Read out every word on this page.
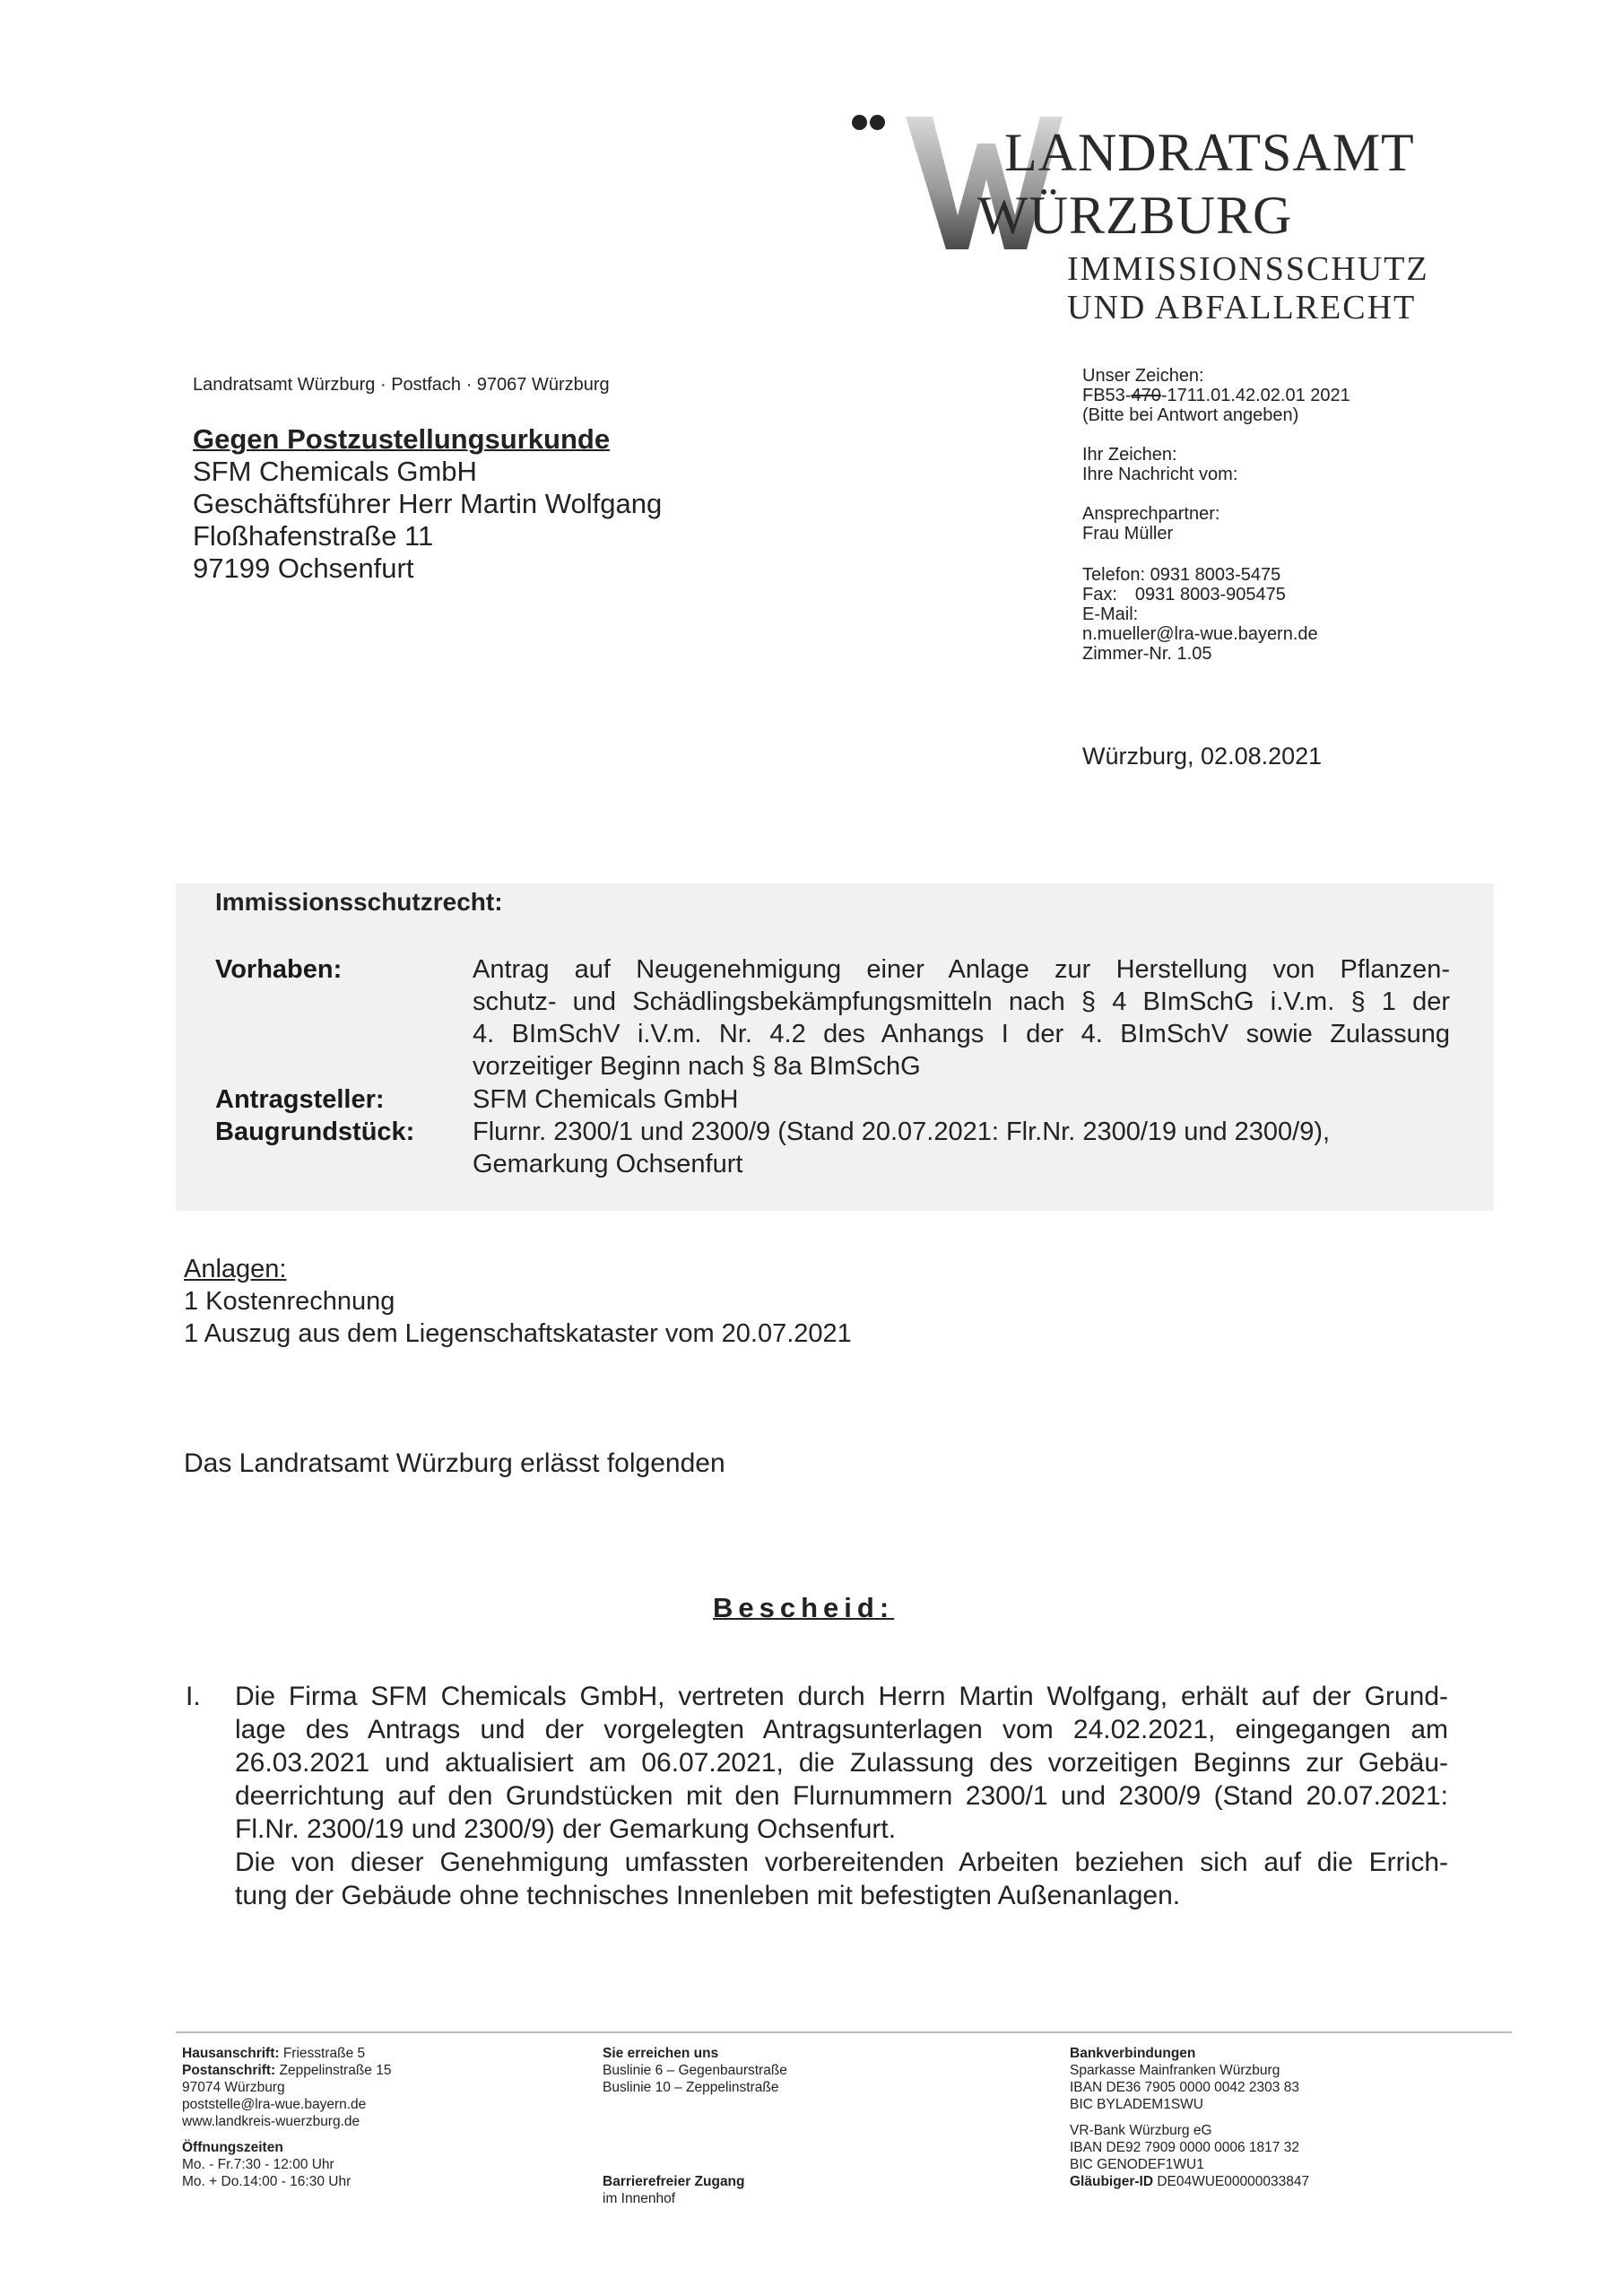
LANDRATSAMT
WÜRZBURG
IMMISSIONSSCHUTZ
UND ABFALLRECHT
Landratsamt Würzburg · Postfach · 97067 Würzburg
Gegen Postzustellungsurkunde
SFM Chemicals GmbH
Geschäftsführer Herr Martin Wolfgang
Floßhafenstraße 11
97199 Ochsenfurt
Unser Zeichen:
FB53-470-1711.01.42.02.01 2021
(Bitte bei Antwort angeben)
Ihr Zeichen:
Ihre Nachricht vom:
Ansprechpartner:
Frau Müller
Telefon: 0931 8003-5475
Fax: 0931 8003-905475
E-Mail:
n.mueller@lra-wue.bayern.de
Zimmer-Nr. 1.05
Würzburg, 02.08.2021
Immissionsschutzrecht:
Vorhaben:	Antrag auf Neugenehmigung einer Anlage zur Herstellung von Pflanzen-
schutz- und Schädlingsbekämpfungsmitteln nach § 4 BImSchG i.V.m. § 1 der
4. BImSchV i.V.m. Nr. 4.2 des Anhangs I der 4. BImSchV sowie Zulassung
vorzeitiger Beginn nach § 8a BImSchG
Antragsteller:	SFM Chemicals GmbH
Baugrundstück: Flurnr. 2300/1 und 2300/9 (Stand 20.07.2021: Flr.Nr. 2300/19 und 2300/9),
Gemarkung Ochsenfurt
Anlagen:
1 Kostenrechnung
1 Auszug aus dem Liegenschaftskataster vom 20.07.2021
Das Landratsamt Würzburg erlässt folgenden
Bescheid:
I. Die Firma SFM Chemicals GmbH, vertreten durch Herrn Martin Wolfgang, erhält auf der Grund-
lage des Antrags und der vorgelegten Antragsunterlagen vom 24.02.2021, eingegangen am
26.03.2021 und aktualisiert am 06.07.2021, die Zulassung des vorzeitigen Beginns zur Gebäu-
deerrichtung auf den Grundstücken mit den Flurnummern 2300/1 und 2300/9 (Stand 20.07.2021:
Fl.Nr. 2300/19 und 2300/9) der Gemarkung Ochsenfurt.
Die von dieser Genehmigung umfassten vorbereitenden Arbeiten beziehen sich auf die Errich-
tung der Gebäude ohne technisches Innenleben mit befestigten Außenanlagen.
Hausanschrift: Friesstraße 5
Postanschrift: Zeppelinstraße 15
97074 Würzburg
poststelle@lra-wue.bayern.de
www.landkreis-wuerzburg.de
Öffnungszeiten
Mo. - Fr.7:30 - 12:00 Uhr
Mo. + Do.14:00 - 16:30 Uhr
Sie erreichen uns
Buslinie 6 – Gegenbaurstraße
Buslinie 10 – Zeppelinstraße
Barrierefreier Zugang
im Innenhof
Bankverbindungen
Sparkasse Mainfranken Würzburg
IBAN DE36 7905 0000 0042 2303 83
BIC BYLADEM1SWU
VR-Bank Würzburg eG
IBAN DE92 7909 0000 0006 1817 32
BIC GENODEF1WU1
Gläubiger-ID DE04WUE00000033847
